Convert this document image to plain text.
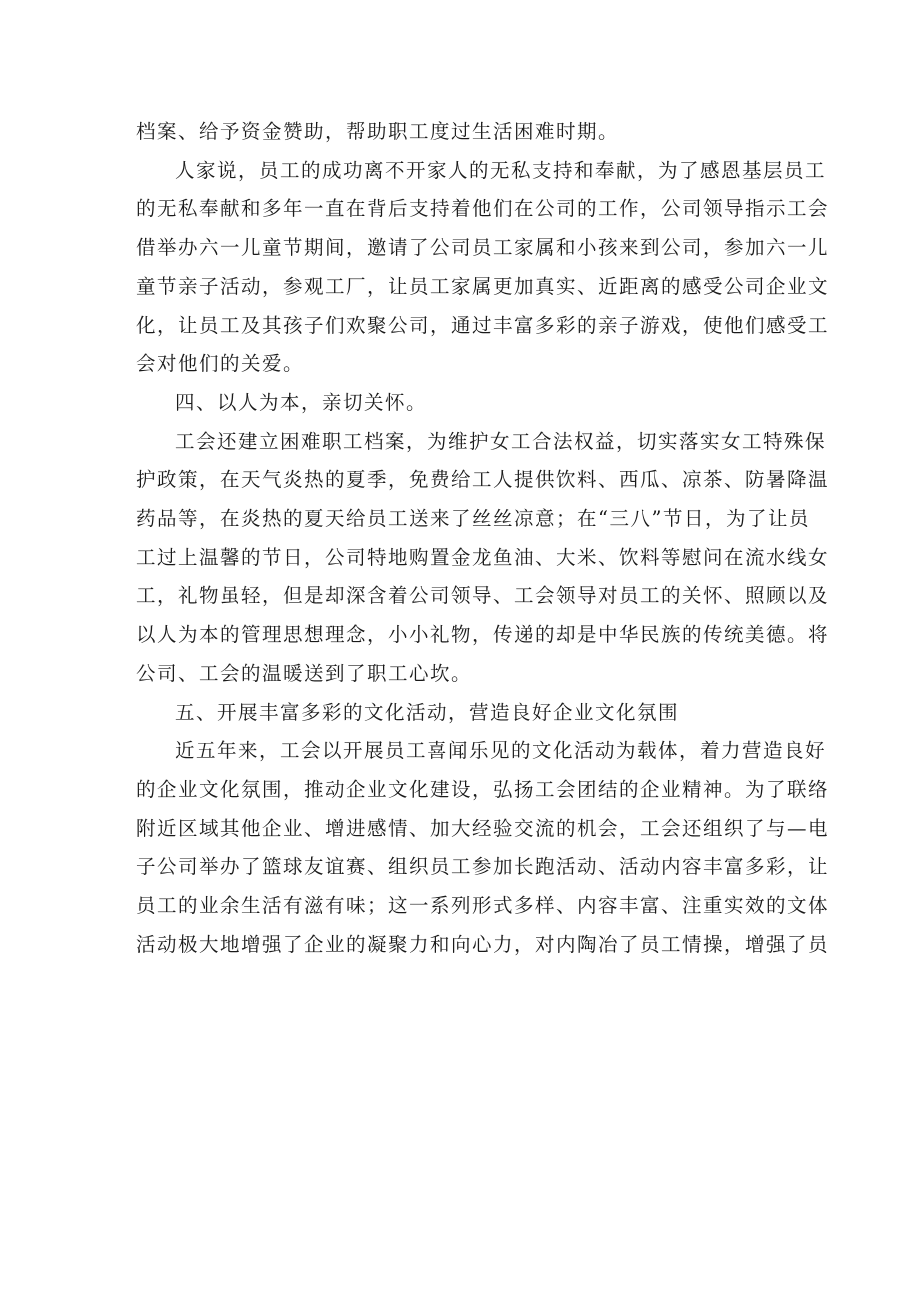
档案、给予资金赞助，帮助职工度过生活困难时期。

人家说，员工的成功离不开家人的无私支持和奉献，为了感恩基层员工
的无私奉献和多年一直在背后支持着他们在公司的工作，公司领导指示工会
借举办六一儿童节期间，邀请了公司员工家属和小孩来到公司，参加六一儿
童节亲子活动，参观工厂，让员工家属更加真实、近距离的感受公司企业文
化，让员工及其孩子们欢聚公司，通过丰富多彩的亲子游戏，使他们感受工
会对他们的关爱。

四、以人为本，亲切关怀。

工会还建立困难职工档案，为维护女工合法权益，切实落实女工特殊保
护政策，在天气炎热的夏季，免费给工人提供饮料、西瓜、凉茶、防暑降温
药品等，在炎热的夏天给员工送来了丝丝凉意；在“三八”节日，为了让员
工过上温馨的节日，公司特地购置金龙鱼油、大米、饮料等慰问在流水线女
工，礼物虽轻，但是却深含着公司领导、工会领导对员工的关怀、照顾以及
以人为本的管理思想理念，小小礼物，传递的却是中华民族的传统美德。将
公司、工会的温暖送到了职工心坎。

五、开展丰富多彩的文化活动，营造良好企业文化氛围

近五年来，工会以开展员工喜闻乐见的文化活动为载体，着力营造良好
的企业文化氛围，推动企业文化建设，弘扬工会团结的企业精神。为了联络
附近区域其他企业、增进感情、加大经验交流的机会，工会还组织了与—电
子公司举办了篮球友谊赛、组织员工参加长跑活动、活动内容丰富多彩，让
员工的业余生活有滋有味；这一系列形式多样、内容丰富、注重实效的文体
活动极大地增强了企业的凝聚力和向心力，对内陶冶了员工情操，增强了员
